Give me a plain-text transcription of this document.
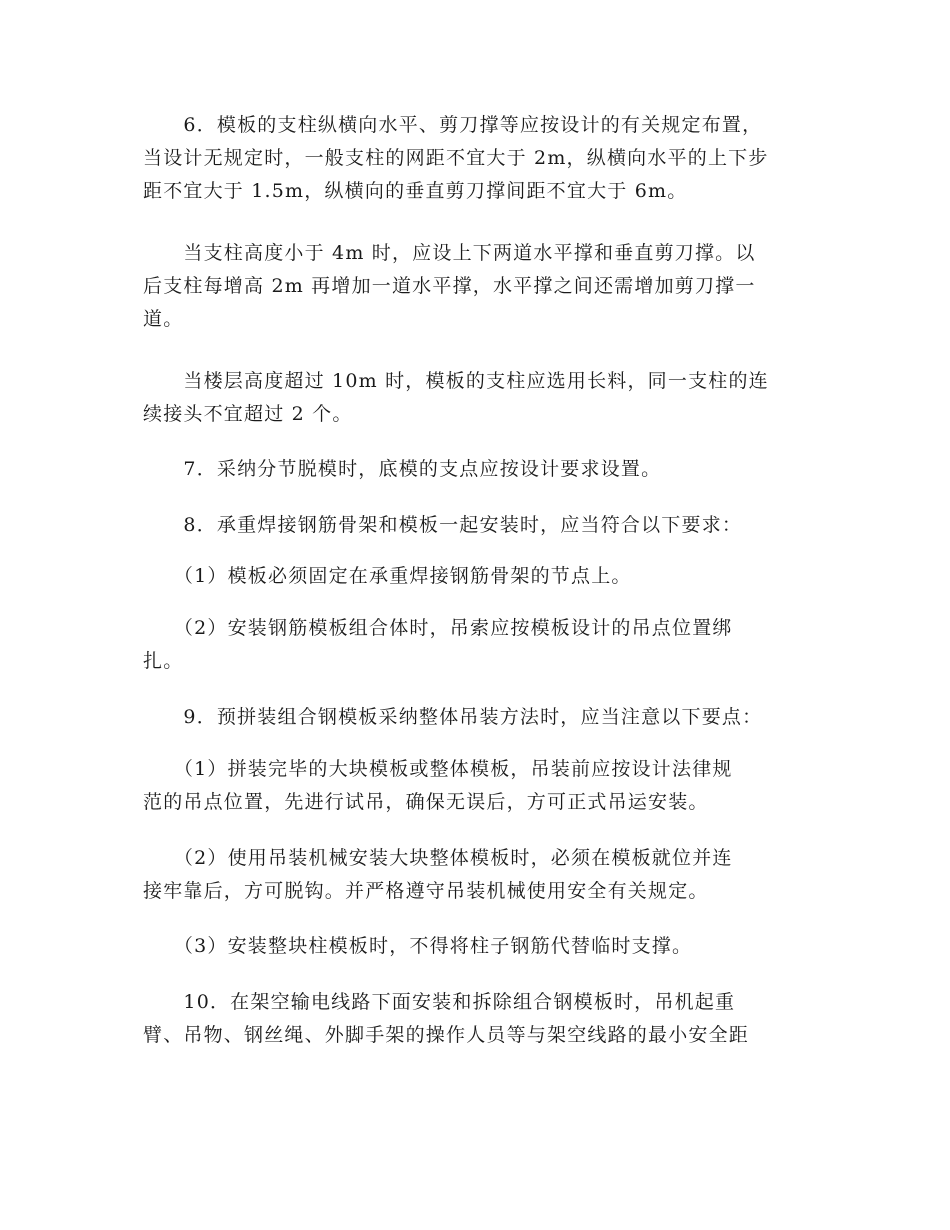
　　6．模板的支柱纵横向水平、剪刀撑等应按设计的有关规定布置，
当设计无规定时，一般支柱的网距不宜大于 2m，纵横向水平的上下步
距不宜大于 1.5m，纵横向的垂直剪刀撑间距不宜大于 6m。
　　当支柱高度小于 4m 时，应设上下两道水平撑和垂直剪刀撑。以
后支柱每增高 2m 再增加一道水平撑，水平撑之间还需增加剪刀撑一
道。
　　当楼层高度超过 10m 时，模板的支柱应选用长料，同一支柱的连
续接头不宜超过 2 个。
　　7．采纳分节脱模时，底模的支点应按设计要求设置。
　　8．承重焊接钢筋骨架和模板一起安装时，应当符合以下要求：
　　（1）模板必须固定在承重焊接钢筋骨架的节点上。
　　（2）安装钢筋模板组合体时，吊索应按模板设计的吊点位置绑
扎。
　　9．预拼装组合钢模板采纳整体吊装方法时，应当注意以下要点：
　　（1）拼装完毕的大块模板或整体模板，吊装前应按设计法律规
范的吊点位置，先进行试吊，确保无误后，方可正式吊运安装。
　　（2）使用吊装机械安装大块整体模板时，必须在模板就位并连
接牢靠后，方可脱钩。并严格遵守吊装机械使用安全有关规定。
　　（3）安装整块柱模板时，不得将柱子钢筋代替临时支撑。
　　10．在架空输电线路下面安装和拆除组合钢模板时，吊机起重
臂、吊物、钢丝绳、外脚手架的操作人员等与架空线路的最小安全距
